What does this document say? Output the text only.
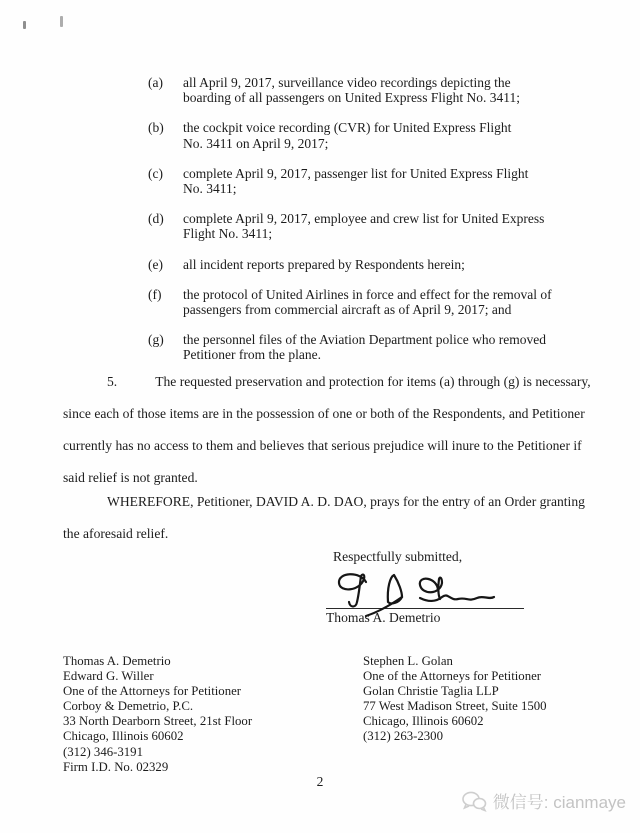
(a)	all April 9, 2017, surveillance video recordings depicting the
boarding of all passengers on United Express Flight No. 3411;
(b)	the cockpit voice recording (CVR) for United Express Flight
No. 3411 on April 9, 2017;
(c)	complete April 9, 2017, passenger list for United Express Flight
No. 3411;
(d)	complete April 9, 2017, employee and crew list for United Express
Flight No. 3411;
(e)	all incident reports prepared by Respondents herein;
(f)	the protocol of United Airlines in force and effect for the removal of
passengers from commercial aircraft as of April 9, 2017; and
(g)	the personnel files of the Aviation Department police who removed
Petitioner from the plane.
5.	The requested preservation and protection for items (a) through (g) is necessary,
since each of those items are in the possession of one or both of the Respondents, and Petitioner
currently has no access to them and believes that serious prejudice will inure to the Petitioner if
said relief is not granted.
WHEREFORE, Petitioner, DAVID A. D. DAO, prays for the entry of an Order granting
the aforesaid relief.
Respectfully submitted,
Thomas A. Demetrio
Thomas A. Demetrio
Edward G. Willer
One of the Attorneys for Petitioner
Corboy & Demetrio, P.C.
33 North Dearborn Street, 21st Floor
Chicago, Illinois 60602
(312) 346-3191
Firm I.D. No. 02329
Stephen L. Golan
One of the Attorneys for Petitioner
Golan Christie Taglia LLP
77 West Madison Street, Suite 1500
Chicago, Illinois 60602
(312) 263-2300
2
微信号: cianmaye
